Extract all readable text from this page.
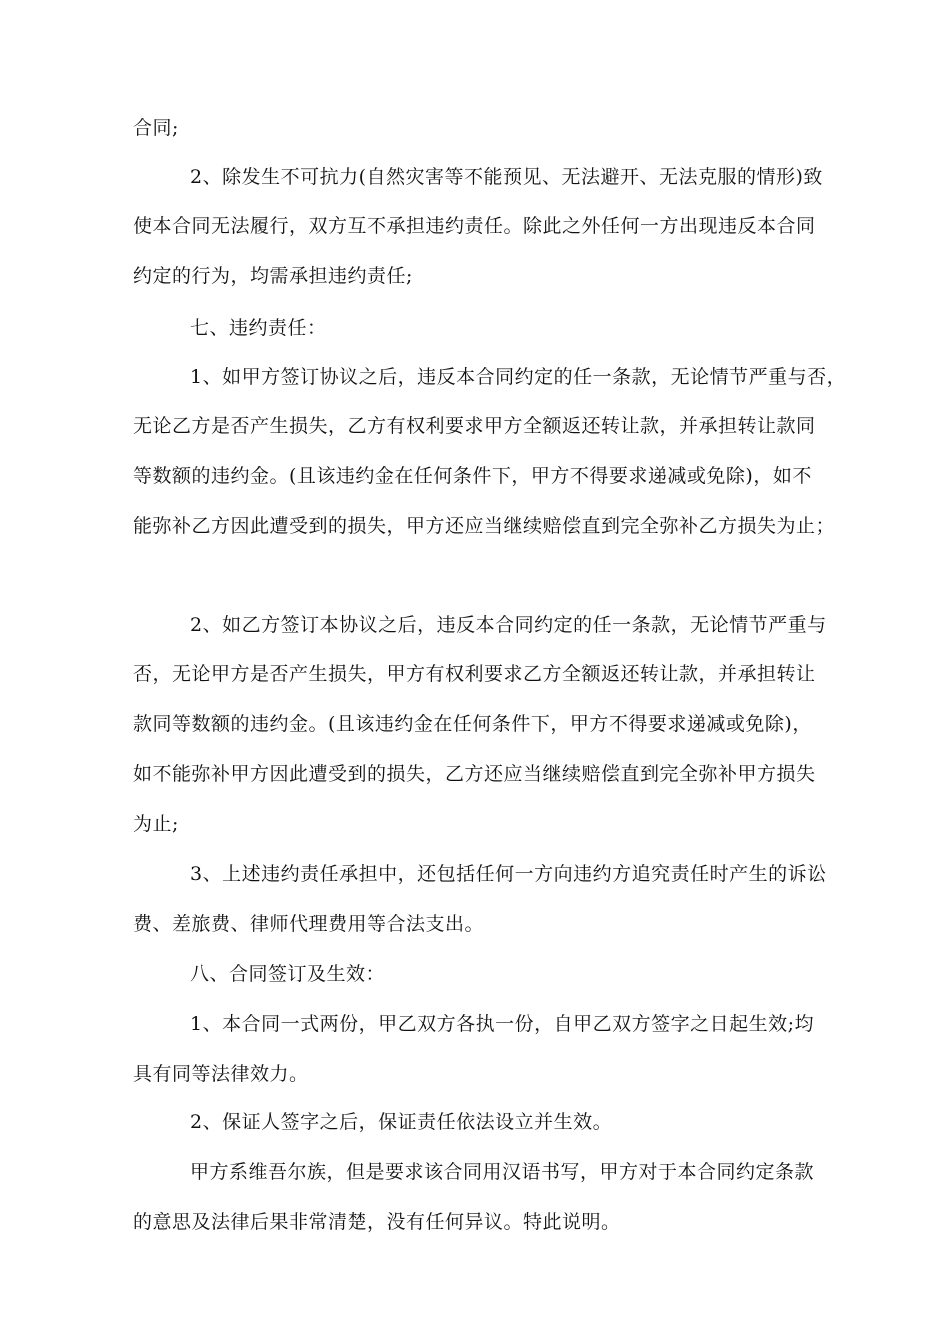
合同;
2、除发生不可抗力(自然灾害等不能预见、无法避开、无法克服的情形)致
使本合同无法履行，双方互不承担违约责任。除此之外任何一方出现违反本合同
约定的行为，均需承担违约责任;
七、违约责任：
1、如甲方签订协议之后，违反本合同约定的任一条款，无论情节严重与否，
无论乙方是否产生损失，乙方有权利要求甲方全额返还转让款，并承担转让款同
等数额的违约金。(且该违约金在任何条件下，甲方不得要求递减或免除)，如不
能弥补乙方因此遭受到的损失，甲方还应当继续赔偿直到完全弥补乙方损失为止；
2、如乙方签订本协议之后，违反本合同约定的任一条款，无论情节严重与
否，无论甲方是否产生损失，甲方有权利要求乙方全额返还转让款，并承担转让
款同等数额的违约金。(且该违约金在任何条件下，甲方不得要求递减或免除)，
如不能弥补甲方因此遭受到的损失，乙方还应当继续赔偿直到完全弥补甲方损失
为止;
3、上述违约责任承担中，还包括任何一方向违约方追究责任时产生的诉讼
费、差旅费、律师代理费用等合法支出。
八、合同签订及生效：
1、本合同一式两份，甲乙双方各执一份，自甲乙双方签字之日起生效;均
具有同等法律效力。
2、保证人签字之后，保证责任依法设立并生效。
甲方系维吾尔族，但是要求该合同用汉语书写，甲方对于本合同约定条款
的意思及法律后果非常清楚，没有任何异议。特此说明。
